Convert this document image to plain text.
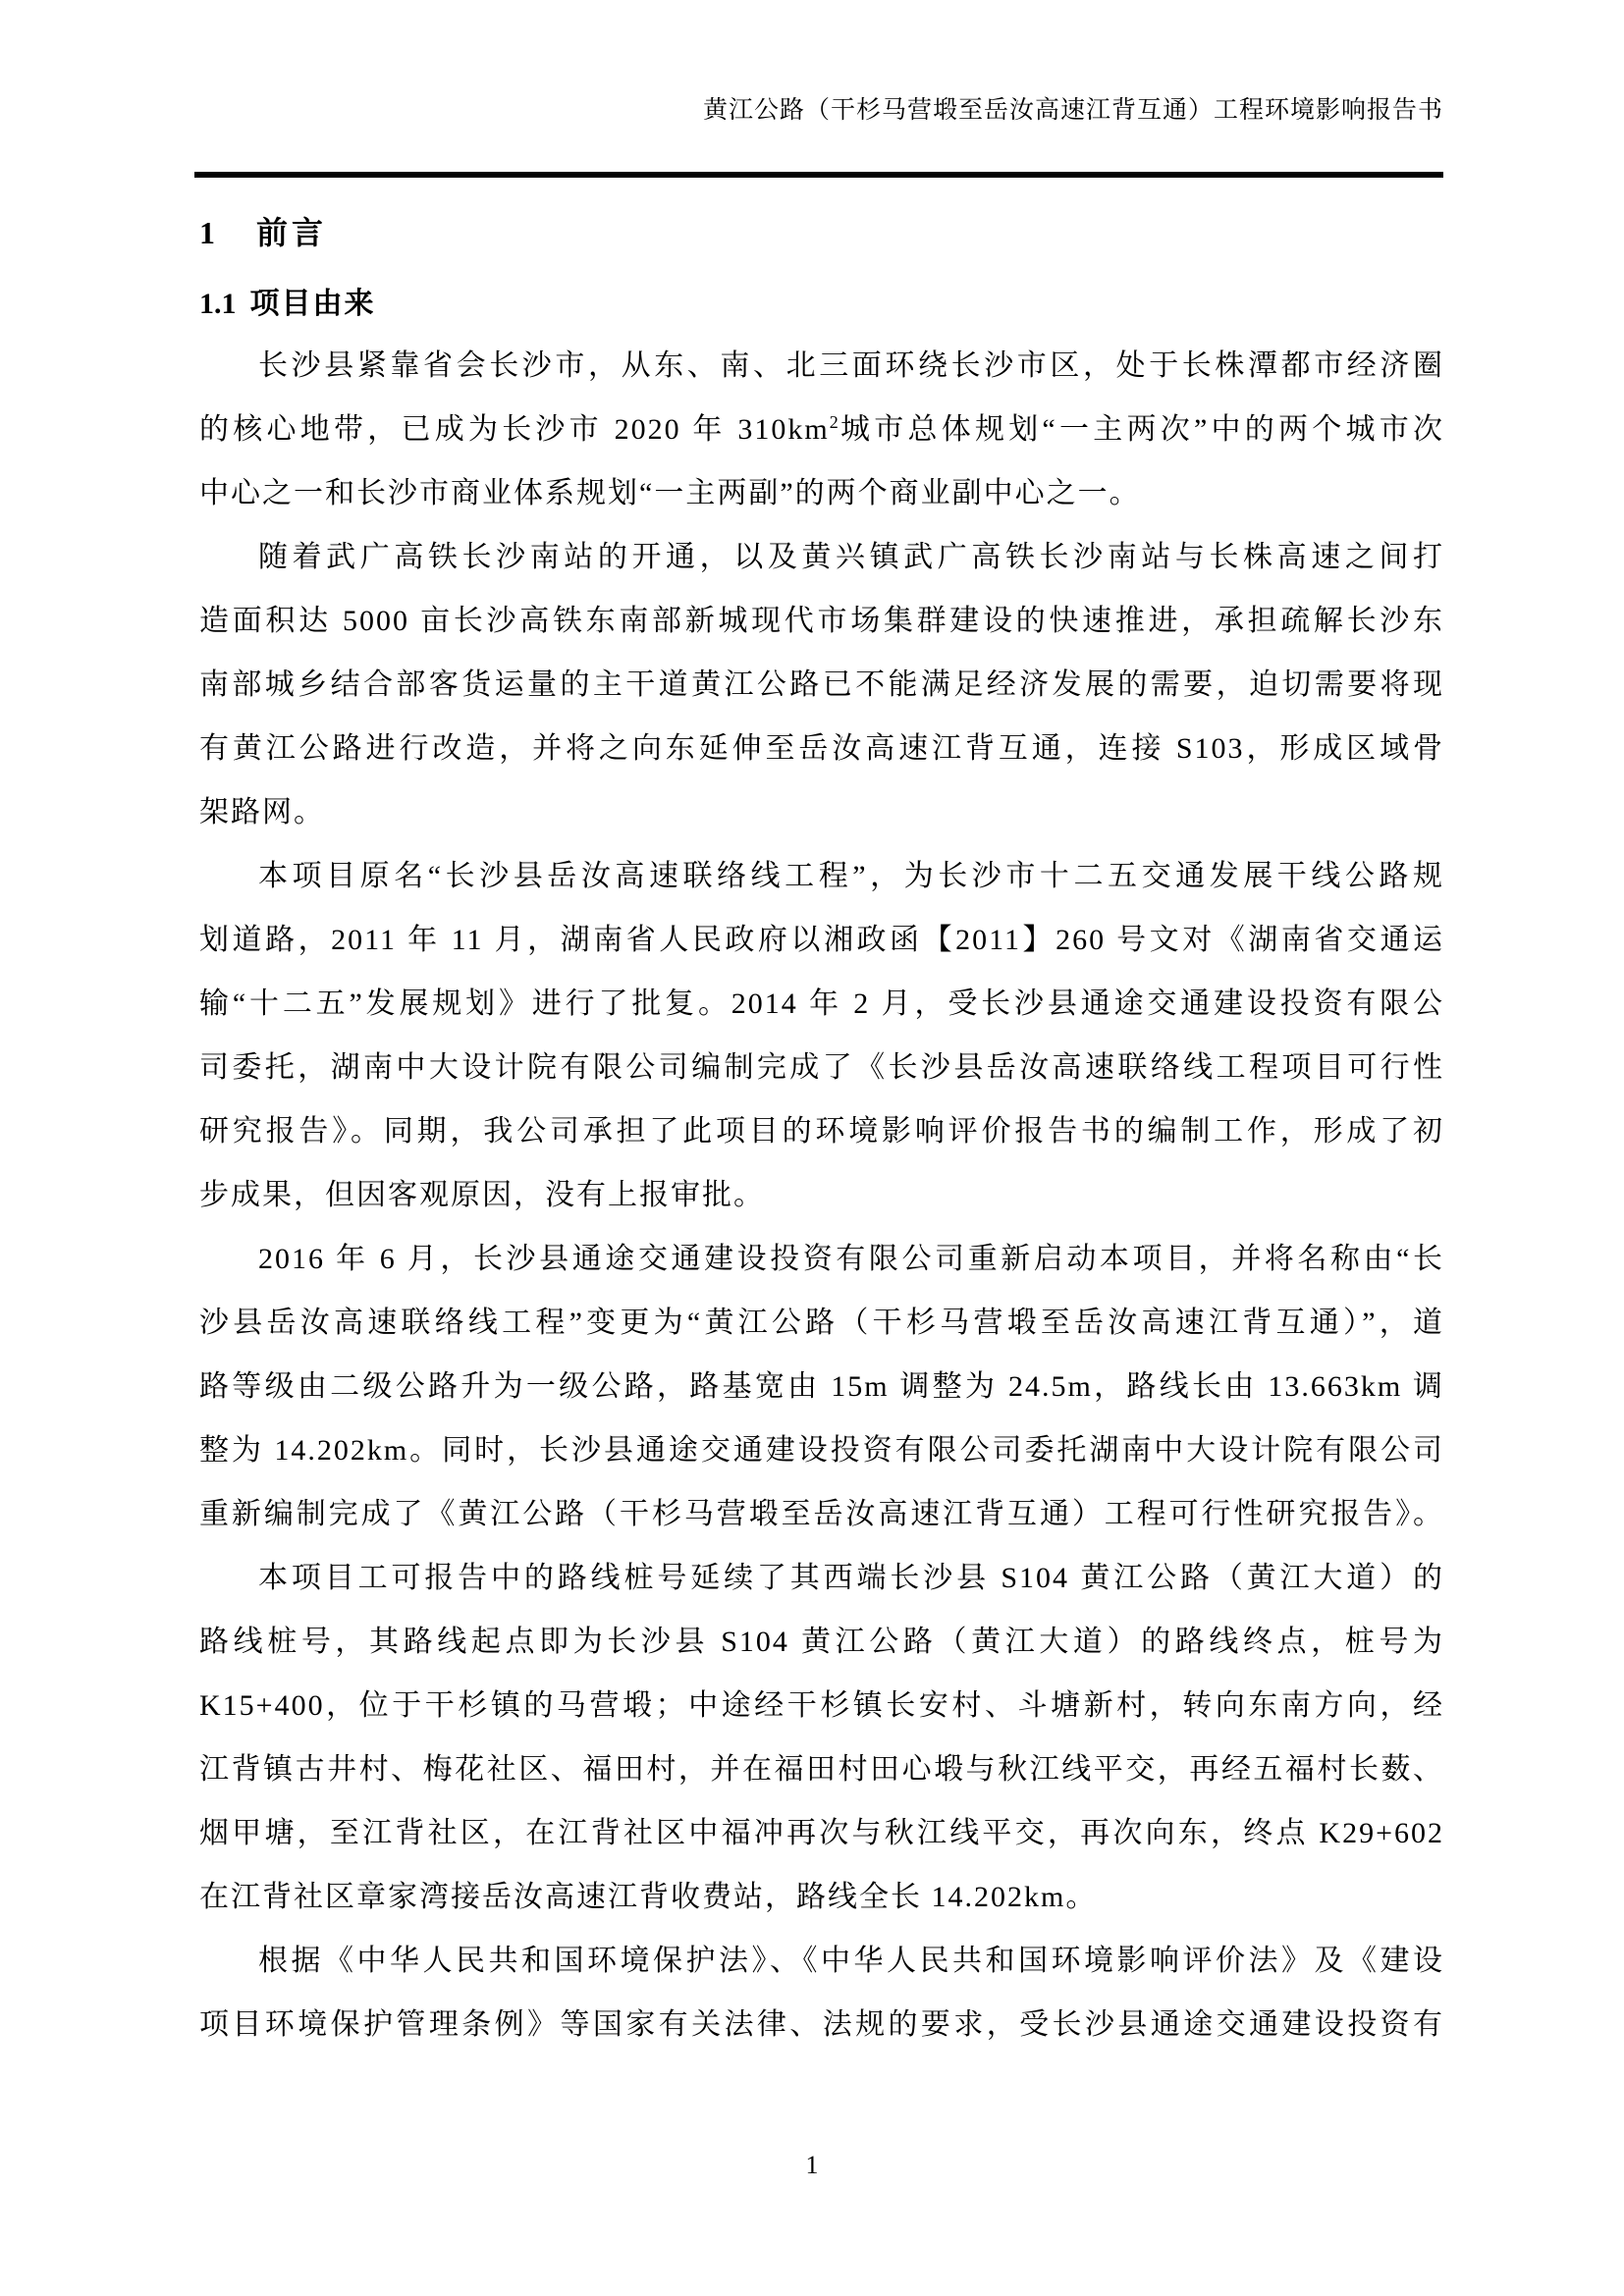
黄江公路（干杉马营塅至岳汝高速江背互通）工程环境影响报告书
1 前言
1.1 项目由来
长沙县紧靠省会长沙市，从东、南、北三面环绕长沙市区，处于长株潭都市经济圈
的核心地带，已成为长沙市 2020 年 $310km^2$城市总体规划“一主两次”中的两个城市次
中心之一和长沙市商业体系规划“一主两副”的两个商业副中心之一。
随着武广高铁长沙南站的开通，以及黄兴镇武广高铁长沙南站与长株高速之间打
造面积达 5000 亩长沙高铁东南部新城现代市场集群建设的快速推进，承担疏解长沙东
南部城乡结合部客货运量的主干道黄江公路已不能满足经济发展的需要，迫切需要将现
有黄江公路进行改造，并将之向东延伸至岳汝高速江背互通，连接 S103，形成区域骨
架路网。
本项目原名“长沙县岳汝高速联络线工程”，为长沙市十二五交通发展干线公路规
划道路，2011 年 11 月，湖南省人民政府以湘政函【2011】260 号文对《湖南省交通运
输“十二五”发展规划》进行了批复。2014 年 2 月，受长沙县通途交通建设投资有限公
司委托，湖南中大设计院有限公司编制完成了《长沙县岳汝高速联络线工程项目可行性
研究报告》。同期，我公司承担了此项目的环境影响评价报告书的编制工作，形成了初
步成果，但因客观原因，没有上报审批。
2016 年 6 月，长沙县通途交通建设投资有限公司重新启动本项目，并将名称由“长
沙县岳汝高速联络线工程”变更为“黄江公路（干杉马营塅至岳汝高速江背互通）”，道
路等级由二级公路升为一级公路，路基宽由 15m 调整为 24.5m，路线长由 13.663km 调
整为 14.202km。同时，长沙县通途交通建设投资有限公司委托湖南中大设计院有限公司
重新编制完成了《黄江公路（干杉马营塅至岳汝高速江背互通）工程可行性研究报告》。
本项目工可报告中的路线桩号延续了其西端长沙县 S104 黄江公路（黄江大道）的
路线桩号，其路线起点即为长沙县 S104 黄江公路（黄江大道）的路线终点，桩号为
K15+400，位于干杉镇的马营塅；中途经干杉镇长安村、斗塘新村，转向东南方向，经
江背镇古井村、梅花社区、福田村，并在福田村田心塅与秋江线平交，再经五福村长薮、
烟甲塘，至江背社区，在江背社区中福冲再次与秋江线平交，再次向东，终点 K29+602
在江背社区章家湾接岳汝高速江背收费站，路线全长 14.202km。
根据《中华人民共和国环境保护法》、《中华人民共和国环境影响评价法》及《建设
项目环境保护管理条例》等国家有关法律、法规的要求，受长沙县通途交通建设投资有
1
